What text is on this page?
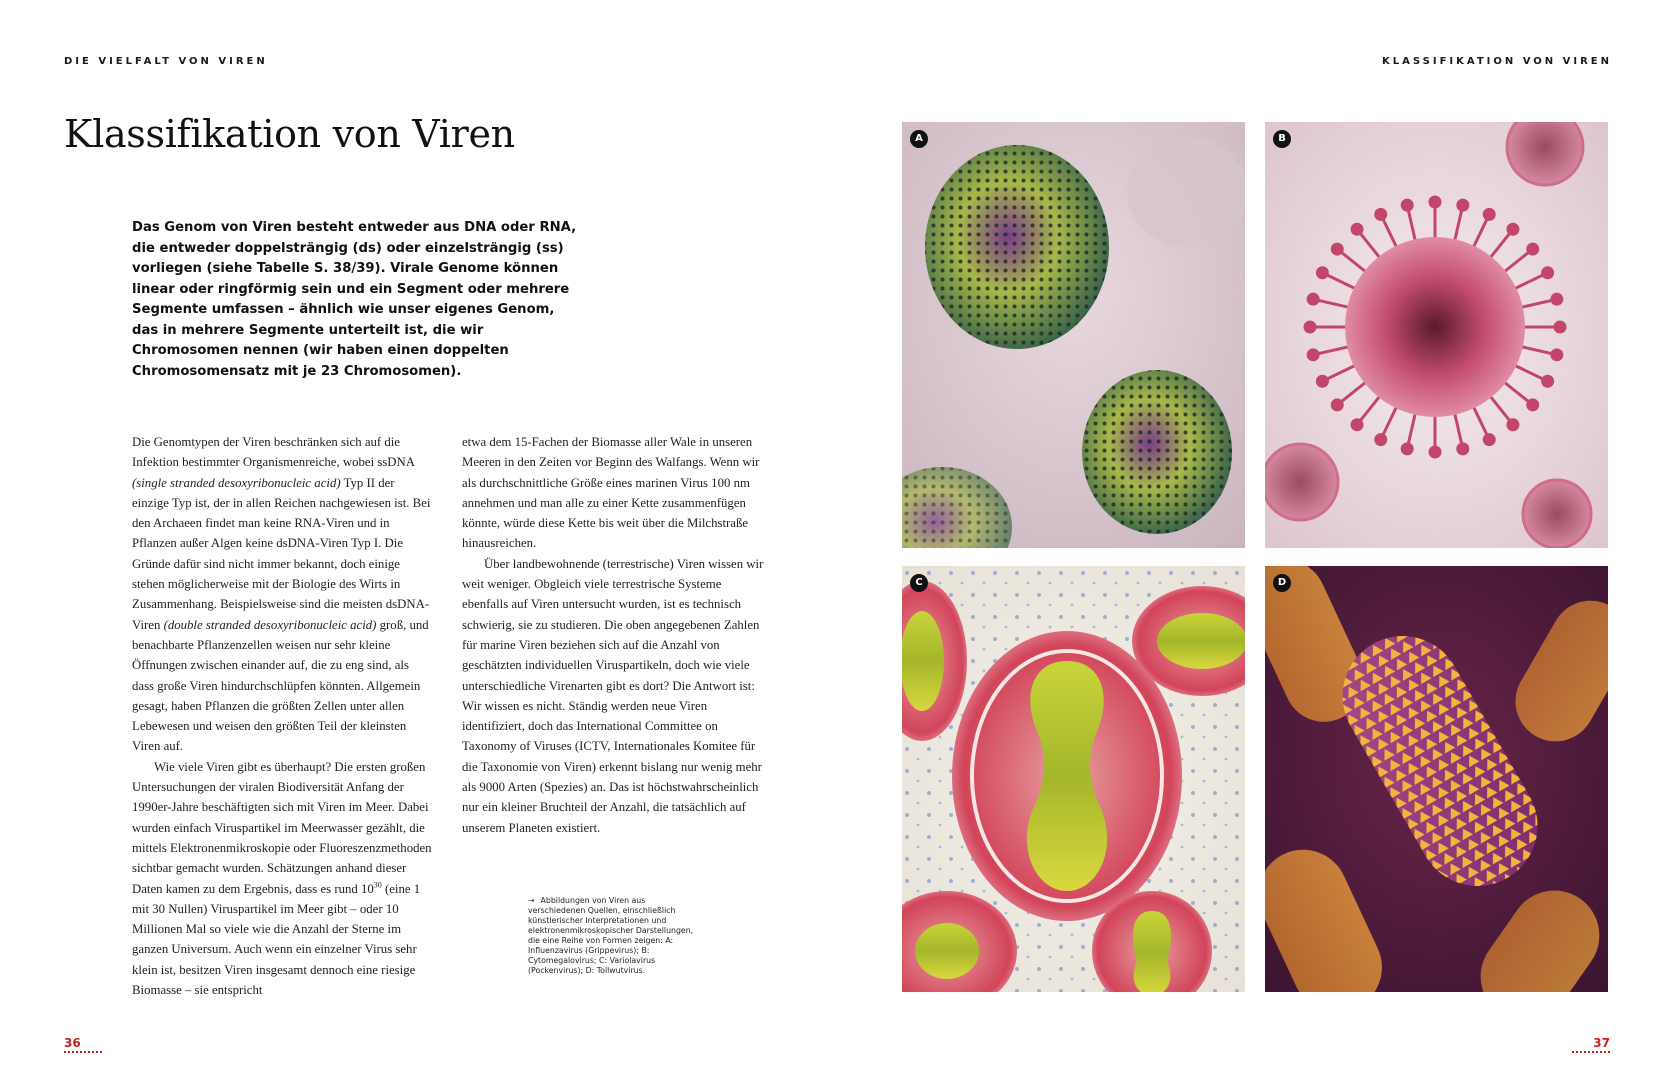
DIE VIELFALT VON VIREN	KLASSIFIKATION VON VIREN
Klassifikation von Viren
Das Genom von Viren besteht entweder aus DNA oder RNA, die entweder doppelsträngig (ds) oder einzelsträngig (ss) vorliegen (siehe Tabelle S. 38/39). Virale Genome können linear oder ringförmig sein und ein Segment oder mehrere Segmente umfassen – ähnlich wie unser eigenes Genom, das in mehrere Segmente unterteilt ist, die wir Chromosomen nennen (wir haben einen doppelten Chromosomensatz mit je 23 Chromosomen).

Die Genomtypen der Viren beschränken sich auf die Infektion bestimmter Organismenreiche, wobei ssDNA (single stranded desoxyribonucleic acid) Typ II der einzige Typ ist, der in allen Reichen nachgewiesen ist. Bei den Archaeen findet man keine RNA-Viren und in Pflanzen außer Algen keine dsDNA-Viren Typ I. Die Gründe dafür sind nicht immer bekannt, doch einige stehen möglicherweise mit der Biologie des Wirts in Zusammenhang. Beispielsweise sind die meisten dsDNA-Viren (double stranded desoxyribonucleic acid) groß, und benachbarte Pflanzenzellen weisen nur sehr kleine Öffnungen zwischen einander auf, die zu eng sind, als dass große Viren hindurchschlüpfen könnten. Allgemein gesagt, haben Pflanzen die größten Zellen unter allen Lebewesen und weisen den größten Teil der kleinsten Viren auf.

Wie viele Viren gibt es überhaupt? Die ersten großen Untersuchungen der viralen Biodiversität Anfang der 1990er-Jahre beschäftigten sich mit Viren im Meer. Dabei wurden einfach Viruspartikel im Meerwasser gezählt, die mittels Elektronenmikroskopie oder Fluoreszenzmethoden sichtbar gemacht wurden. Schätzungen anhand dieser Daten kamen zu dem Ergebnis, dass es rund $10^{30}$ (eine 1 mit 30 Nullen) Viruspartikel im Meer gibt – oder 10 Millionen Mal so viele wie die Anzahl der Sterne im ganzen Universum. Auch wenn ein einzelner Virus sehr klein ist, besitzen Viren insgesamt dennoch eine riesige Biomasse – sie entspricht

etwa dem 15-Fachen der Biomasse aller Wale in unseren Meeren in den Zeiten vor Beginn des Walfangs. Wenn wir als durchschnittliche Größe eines marinen Virus 100 nm annehmen und man alle zu einer Kette zusammenfügen könnte, würde diese Kette bis weit über die Milchstraße hinausreichen.

Über landbewohnende (terrestrische) Viren wissen wir weit weniger. Obgleich viele terrestrische Systeme ebenfalls auf Viren untersucht wurden, ist es technisch schwierig, sie zu studieren. Die oben angegebenen Zahlen für marine Viren beziehen sich auf die Anzahl von geschätzten individuellen Viruspartikeln, doch wie viele unterschiedliche Virenarten gibt es dort? Die Antwort ist: Wir wissen es nicht. Ständig werden neue Viren identifiziert, doch das International Committee on Taxonomy of Viruses (ICTV, Internationales Komitee für die Taxonomie von Viren) erkennt bislang nur wenig mehr als 9000 Arten (Spezies) an. Das ist höchstwahrscheinlich nur ein kleiner Bruchteil der Anzahl, die tatsächlich auf unserem Planeten existiert.

→ Abbildungen von Viren aus verschiedenen Quellen, einschließlich künstlerischer Interpretationen und elektronenmikroskopischer Darstellungen, die eine Reihe von Formen zeigen: A: Influenzavirus (Grippevirus); B: Cytomegalovirus; C: Variolavirus (Pockenvirus); D: Tollwutvirus.
A	B
C	D
36	37
